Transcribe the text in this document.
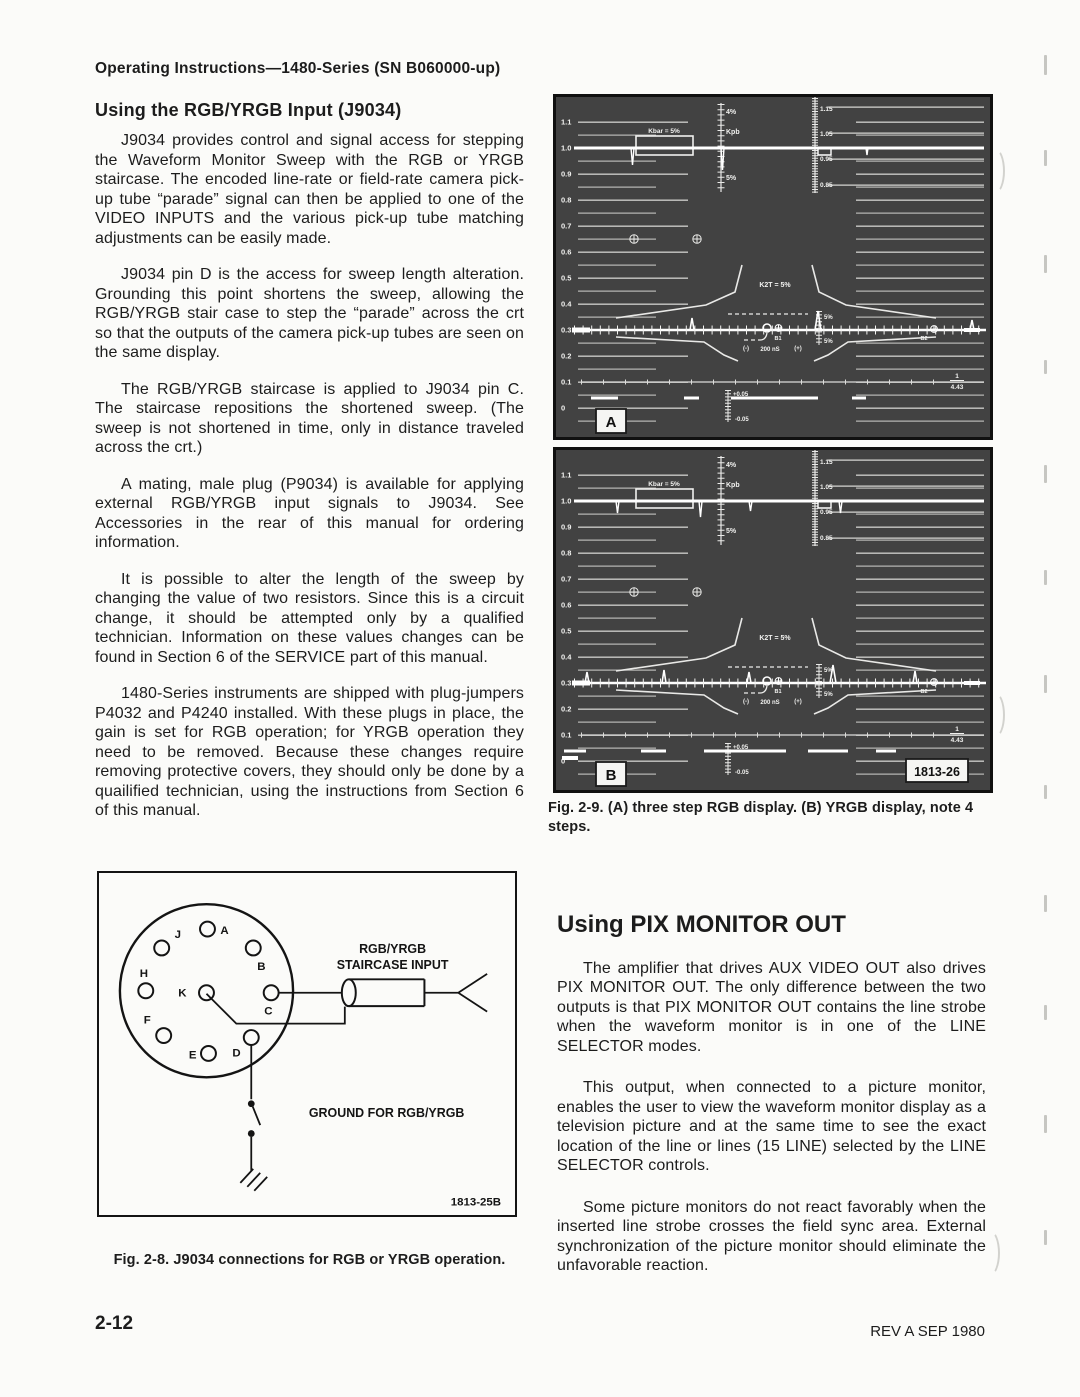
Operating Instructions—1480-Series (SN B060000-up)
Using the RGB/YRGB Input (J9034)

J9034 provides control and signal access for stepping the Waveform Monitor Sweep with the RGB or YRGB staircase. The encoded line-rate or field-rate camera pick-up tube “parade” signal can then be applied to one of the VIDEO INPUTS and the various pick-up tube matching adjustments can be easily made.

J9034 pin D is the access for sweep length alteration. Grounding this point shortens the sweep, allowing the RGB/YRGB stair case to step the “parade” across the crt so that the outputs of the camera pick-up tubes are seen on the same display.

The RGB/YRGB staircase is applied to J9034 pin C. The staircase repositions the shortened sweep. (The sweep is not shortened in time, only in distance traveled across the crt.)

A mating, male plug (P9034) is available for applying external RGB/YRGB input signals to J9034. See Accessories in the rear of this manual for ordering information.

It is possible to alter the length of the sweep by changing the value of two resistors. Since this is a circuit change, it should be attempted only by a qualified technician. Information on these values changes can be found in Section 6 of the SERVICE part of this manual.

1480-Series instruments are shipped with plug-jumpers P4032 and P4240 installed. With these plugs in place, the gain is set for RGB operation; for YRGB operation they need to be removed. Because these changes require removing protective covers, they should only be done by a quailified technician, using the instructions from Section 6 of this manual.

J	A
B
H
K
C
F
E	D
RGB/YRGB
STAIRCASE INPUT
GROUND FOR RGB/YRGB
1813-25B
Fig. 2-8. J9034 connections for RGB or YRGB operation.
1.1
1.0
0.9
0.8
0.7
0.6
0.5
0.4
0.3
0.2
0.1
0
4%
Kpb
5%
1.15
1.05
0.95
0.85
Kbar = 5%
K2T = 5%
B1
(-) 200 nS (+)
5%
5%	B2
1
4.43
+0.05
-0.05
A
B	1813-26
Fig. 2-9. (A) three step RGB display. (B) YRGB display, note 4 steps.
Using PIX MONITOR OUT

The amplifier that drives AUX VIDEO OUT also drives PIX MONITOR OUT. The only difference between the two outputs is that PIX MONITOR OUT contains the line strobe when the waveform monitor is in one of the LINE SELECTOR modes.

This output, when connected to a picture monitor, enables the user to view the waveform monitor display as a television picture and at the same time to see the exact location of the line or lines (15 LINE) selected by the LINE SELECTOR controls.

Some picture monitors do not react favorably when the inserted line strobe crosses the field sync area. External synchronization of the picture monitor should eliminate the unfavorable reaction.

2-12	REV A SEP 1980
